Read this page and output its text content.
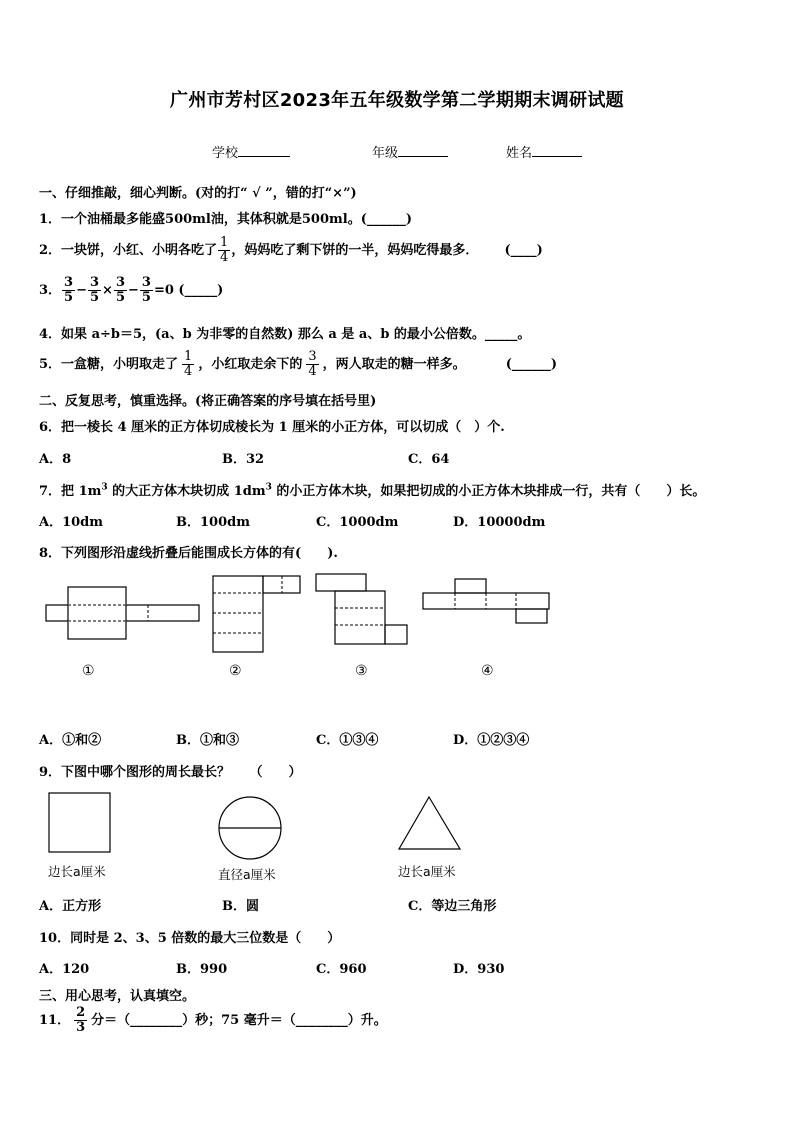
广州市芳村区2023年五年级数学第二学期期末调研试题
学校	年级	姓名
一、仔细推敲，细心判断。(对的打“ √ ”，错的打“×”)
1．一个油桶最多能盛500ml油，其体积就是500ml。(______)
2．一块饼，小红、小明各吃了 $\frac{1}{4}$ ，妈妈吃了剩下饼的一半，妈妈吃得最多． (____)
3． $\frac{3}{5} - \frac{3}{5} \times \frac{3}{5} - \frac{3}{5} =0$ (_____)
4．如果 a÷b＝5，(a、b 为非零的自然数) 那么 a 是 a、b 的最小公倍数。_____。
5．一盒糖，小明取走了 $\frac{1}{4}$ ，小红取走余下的 $\frac{3}{4}$ ，两人取走的糖一样多。	(______)
二、反复思考，慎重选择。(将正确答案的序号填在括号里)
6．把一棱长 4 厘米的正方体切成棱长为 1 厘米的小正方体，可以切成（　）个.
A．8	B．32	C．64
7．把 $1m^3$ 的大正方体木块切成 $1dm^3$ 的小正方体木块，如果把切成的小正方体木块排成一行，共有（　　）长。
A．10dm	B．100dm	C．1000dm	D．10000dm
8．下列图形沿虚线折叠后能围成长方体的有(　　).
①	②	③	④
A．①和②	B．①和③	C．①③④	D．①②③④
9．下图中哪个图形的周长最长？　　（　　）
边长a厘米	直径a厘米	边长a厘米
A．正方形	B．圆	C．等边三角形
10．同时是 2、3、5 倍数的最大三位数是（　　）
A．120	B．990	C．960	D．930
三、用心思考，认真填空。
11． $\frac{2}{3}$ 分＝（________）秒；75 毫升＝（________）升。
